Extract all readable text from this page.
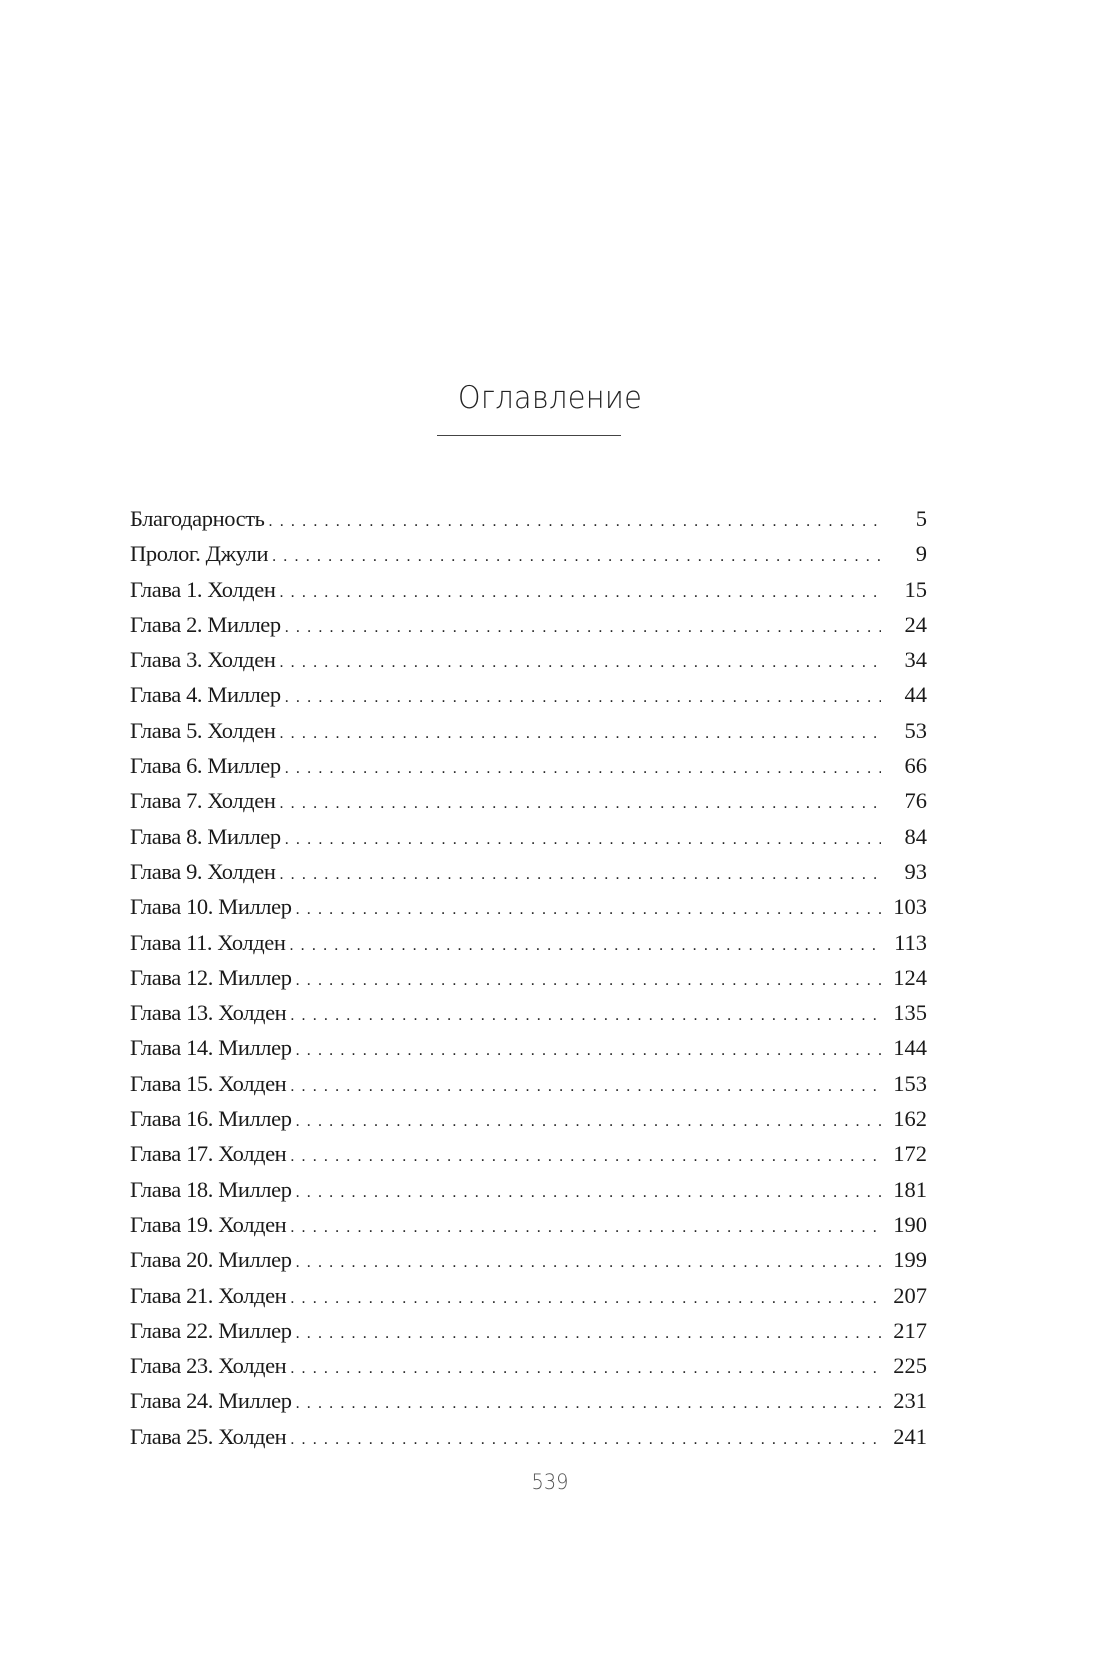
Оглавление
Благодарность . . .	5
Пролог. Джули . . .	9
Глава 1. Холден . . .	15
Глава 2. Миллер . . .	24
Глава 3. Холден . . .	34
Глава 4. Миллер . . .	44
Глава 5. Холден . . .	53
Глава 6. Миллер . . .	66
Глава 7. Холден . . .	76
Глава 8. Миллер . . .	84
Глава 9. Холден . . .	93
Глава 10. Миллер . . .	103
Глава 11. Холден . . .	113
Глава 12. Миллер . . .	124
Глава 13. Холден . . .	135
Глава 14. Миллер . . .	144
Глава 15. Холден . . .	153
Глава 16. Миллер . . .	162
Глава 17. Холден . . .	172
Глава 18. Миллер . . .	181
Глава 19. Холден . . .	190
Глава 20. Миллер . . .	199
Глава 21. Холден . . .	207
Глава 22. Миллер . . .	217
Глава 23. Холден . . .	225
Глава 24. Миллер . . .	231
Глава 25. Холден . . .	241
539
